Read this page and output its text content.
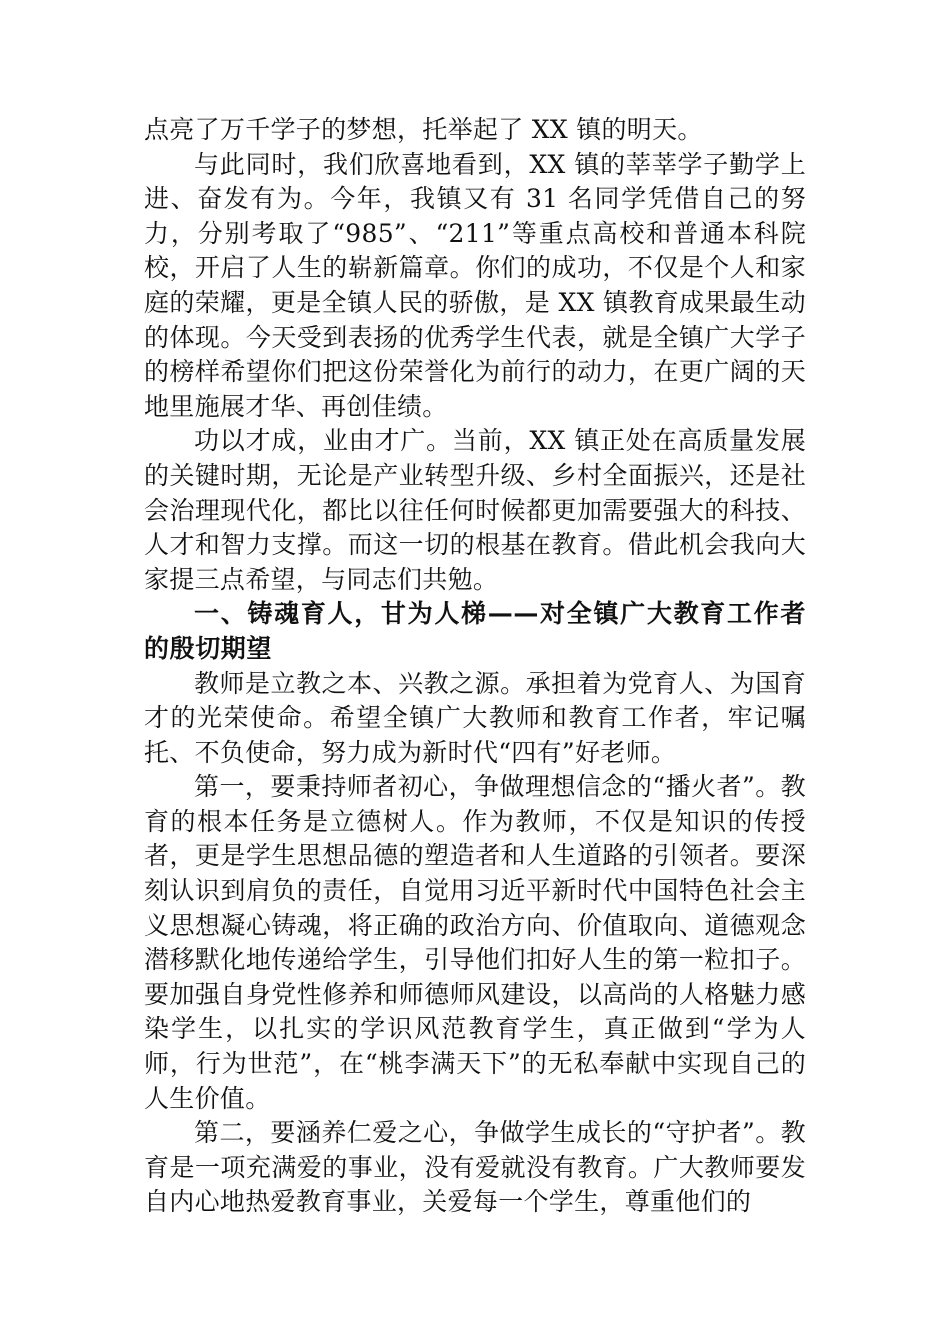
点亮了万千学子的梦想，托举起了 XX 镇的明天。

与此同时，我们欣喜地看到，XX 镇的莘莘学子勤学上进、奋发有为。今年，我镇又有 31 名同学凭借自己的努力，分别考取了“985”、“211”等重点高校和普通本科院校，开启了人生的崭新篇章。你们的成功，不仅是个人和家庭的荣耀，更是全镇人民的骄傲，是 XX 镇教育成果最生动的体现。今天受到表扬的优秀学生代表，就是全镇广大学子的榜样希望你们把这份荣誉化为前行的动力，在更广阔的天地里施展才华、再创佳绩。

功以才成，业由才广。当前，XX 镇正处在高质量发展的关键时期，无论是产业转型升级、乡村全面振兴，还是社会治理现代化，都比以往任何时候都更加需要强大的科技、人才和智力支撑。而这一切的根基在教育。借此机会我向大家提三点希望，与同志们共勉。

一、铸魂育人，甘为人梯——对全镇广大教育工作者的殷切期望

教师是立教之本、兴教之源。承担着为党育人、为国育才的光荣使命。希望全镇广大教师和教育工作者，牢记嘱托、不负使命，努力成为新时代“四有”好老师。

第一，要秉持师者初心，争做理想信念的“播火者”。教育的根本任务是立德树人。作为教师，不仅是知识的传授者，更是学生思想品德的塑造者和人生道路的引领者。要深刻认识到肩负的责任，自觉用习近平新时代中国特色社会主义思想凝心铸魂，将正确的政治方向、价值取向、道德观念潜移默化地传递给学生，引导他们扣好人生的第一粒扣子。要加强自身党性修养和师德师风建设，以高尚的人格魅力感染学生，以扎实的学识风范教育学生，真正做到“学为人师，行为世范”，在“桃李满天下”的无私奉献中实现自己的人生价值。

第二，要涵养仁爱之心，争做学生成长的“守护者”。教育是一项充满爱的事业，没有爱就没有教育。广大教师要发自内心地热爱教育事业，关爱每一个学生，尊重他们的
